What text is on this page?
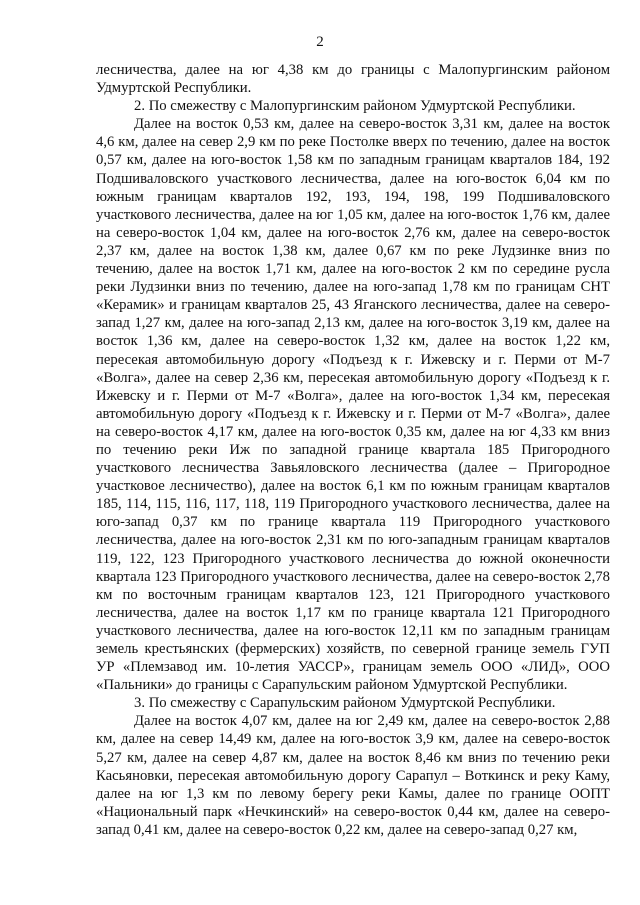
2

лесничества, далее на юг 4,38 км до границы с Малопургинским районом Удмуртской Республики.

2. По смежеству с Малопургинским районом Удмуртской Республики.

Далее на восток 0,53 км, далее на северо-восток 3,31 км, далее на восток 4,6 км, далее на север 2,9 км по реке Постолке вверх по течению, далее на восток 0,57 км, далее на юго-восток 1,58 км по западным границам кварталов 184, 192 Подшиваловского участкового лесничества, далее на юго-восток 6,04 км по южным границам кварталов 192, 193, 194, 198, 199 Подшиваловского участкового лесничества, далее на юг 1,05 км, далее на юго-восток 1,76 км, далее на северо-восток 1,04 км, далее на юго-восток 2,76 км, далее на северо-восток 2,37 км, далее на восток 1,38 км, далее 0,67 км по реке Лудзинке вниз по течению, далее на восток 1,71 км, далее на юго-восток 2 км по середине русла реки Лудзинки вниз по течению, далее на юго-запад 1,78 км по границам СНТ «Керамик» и границам кварталов 25, 43 Яганского лесничества, далее на северо-запад 1,27 км, далее на юго-запад 2,13 км, далее на юго-восток 3,19 км, далее на восток 1,36 км, далее на северо-восток 1,32 км, далее на восток 1,22 км, пересекая автомобильную дорогу «Подъезд к г. Ижевску и г. Перми от М-7 «Волга», далее на север 2,36 км, пересекая автомобильную дорогу «Подъезд к г. Ижевску и г. Перми от М-7 «Волга», далее на юго-восток 1,34 км, пересекая автомобильную дорогу «Подъезд к г. Ижевску и г. Перми от М-7 «Волга», далее на северо-восток 4,17 км, далее на юго-восток 0,35 км, далее на юг 4,33 км вниз по течению реки Иж по западной границе квартала 185 Пригородного участкового лесничества Завьяловского лесничества (далее – Пригородное участковое лесничество), далее на восток 6,1 км по южным границам кварталов 185, 114, 115, 116, 117, 118, 119 Пригородного участкового лесничества, далее на юго-запад 0,37 км по границе квартала 119 Пригородного участкового лесничества, далее на юго-восток 2,31 км по юго-западным границам кварталов 119, 122, 123 Пригородного участкового лесничества до южной оконечности квартала 123 Пригородного участкового лесничества, далее на северо-восток 2,78 км по восточным границам кварталов 123, 121 Пригородного участкового лесничества, далее на восток 1,17 км по границе квартала 121 Пригородного участкового лесничества, далее на юго-восток 12,11 км по западным границам земель крестьянских (фермерских) хозяйств, по северной границе земель ГУП УР «Племзавод им. 10-летия УАССР», границам земель ООО «ЛИД», ООО «Пальники» до границы с Сарапульским районом Удмуртской Республики.

3. По смежеству с Сарапульским районом Удмуртской Республики.

Далее на восток 4,07 км, далее на юг 2,49 км, далее на северо-восток 2,88 км, далее на север 14,49 км, далее на юго-восток 3,9 км, далее на северо-восток 5,27 км, далее на север 4,87 км, далее на восток 8,46 км вниз по течению реки Касьяновки, пересекая автомобильную дорогу Сарапул – Воткинск и реку Каму, далее на юг 1,3 км по левому берегу реки Камы, далее по границе ООПТ «Национальный парк «Нечкинский» на северо-восток 0,44 км, далее на северо-запад 0,41 км, далее на северо-восток 0,22 км, далее на северо-запад 0,27 км,
